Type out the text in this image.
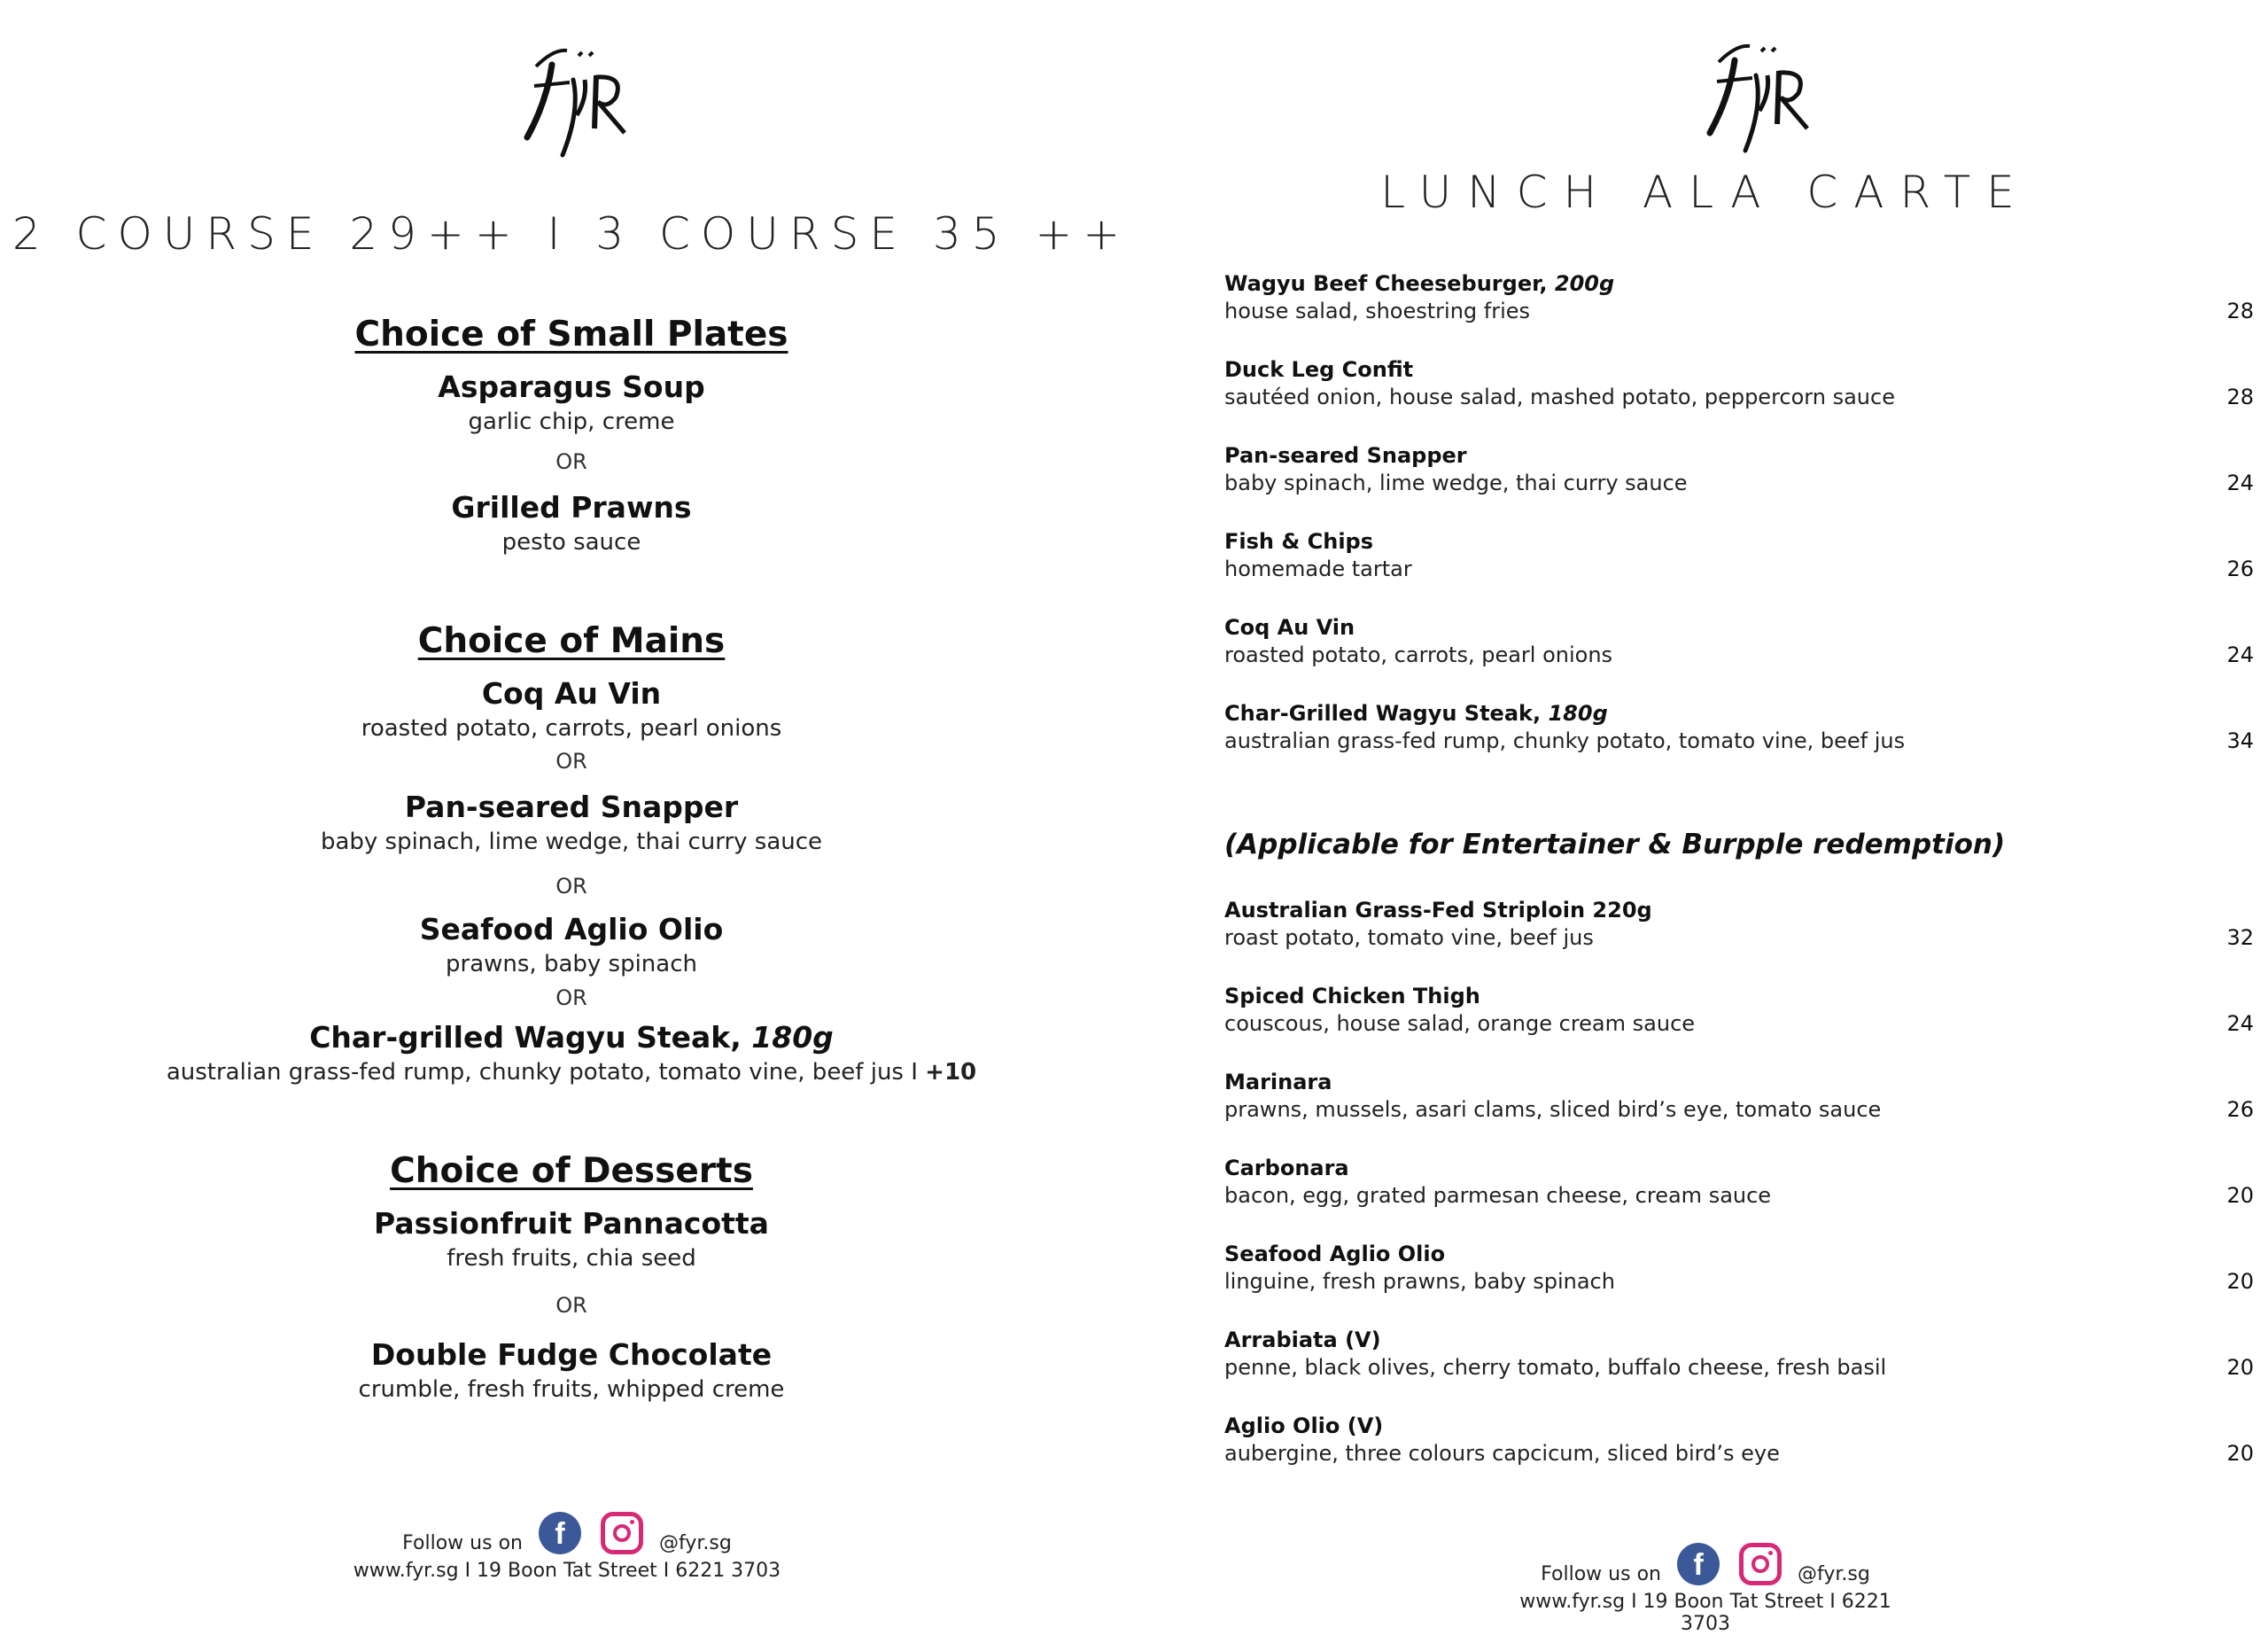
2 COURSE 29++ I 3 COURSE 35 ++
Choice of Small Plates
Asparagus Soup
garlic chip, creme
OR
Grilled Prawns
pesto sauce
Choice of Mains
Coq Au Vin
roasted potato, carrots, pearl onions
OR
Pan-seared Snapper
baby spinach, lime wedge, thai curry sauce
OR
Seafood Aglio Olio
prawns, baby spinach
OR
Char-grilled Wagyu Steak, 180g
australian grass-fed rump, chunky potato, tomato vine, beef jus I +10
Choice of Desserts
Passionfruit Pannacotta
fresh fruits, chia seed
OR
Double Fudge Chocolate
crumble, fresh fruits, whipped creme
Follow us on	f	@fyr.sg
www.fyr.sg I 19 Boon Tat Street I 6221 3703
LUNCH ALA CARTE
Wagyu Beef Cheeseburger, 200g
house salad, shoestring fries	28
Duck Leg Confit
sautéed onion, house salad, mashed potato, peppercorn sauce	28
Pan-seared Snapper
baby spinach, lime wedge, thai curry sauce	24
Fish & Chips
homemade tartar	26
Coq Au Vin
roasted potato, carrots, pearl onions	24
Char-Grilled Wagyu Steak, 180g
australian grass-fed rump, chunky potato, tomato vine, beef jus	34
(Applicable for Entertainer & Burpple redemption)
Australian Grass-Fed Striploin 220g
roast potato, tomato vine, beef jus	32
Spiced Chicken Thigh
couscous, house salad, orange cream sauce	24
Marinara
prawns, mussels, asari clams, sliced bird’s eye, tomato sauce	26
Carbonara
bacon, egg, grated parmesan cheese, cream sauce	20
Seafood Aglio Olio
linguine, fresh prawns, baby spinach	20
Arrabiata (V)
penne, black olives, cherry tomato, buffalo cheese, fresh basil	20
Aglio Olio (V)
aubergine, three colours capcicum, sliced bird’s eye	20
Follow us on	f	@fyr.sg
www.fyr.sg I 19 Boon Tat Street I 6221 3703
